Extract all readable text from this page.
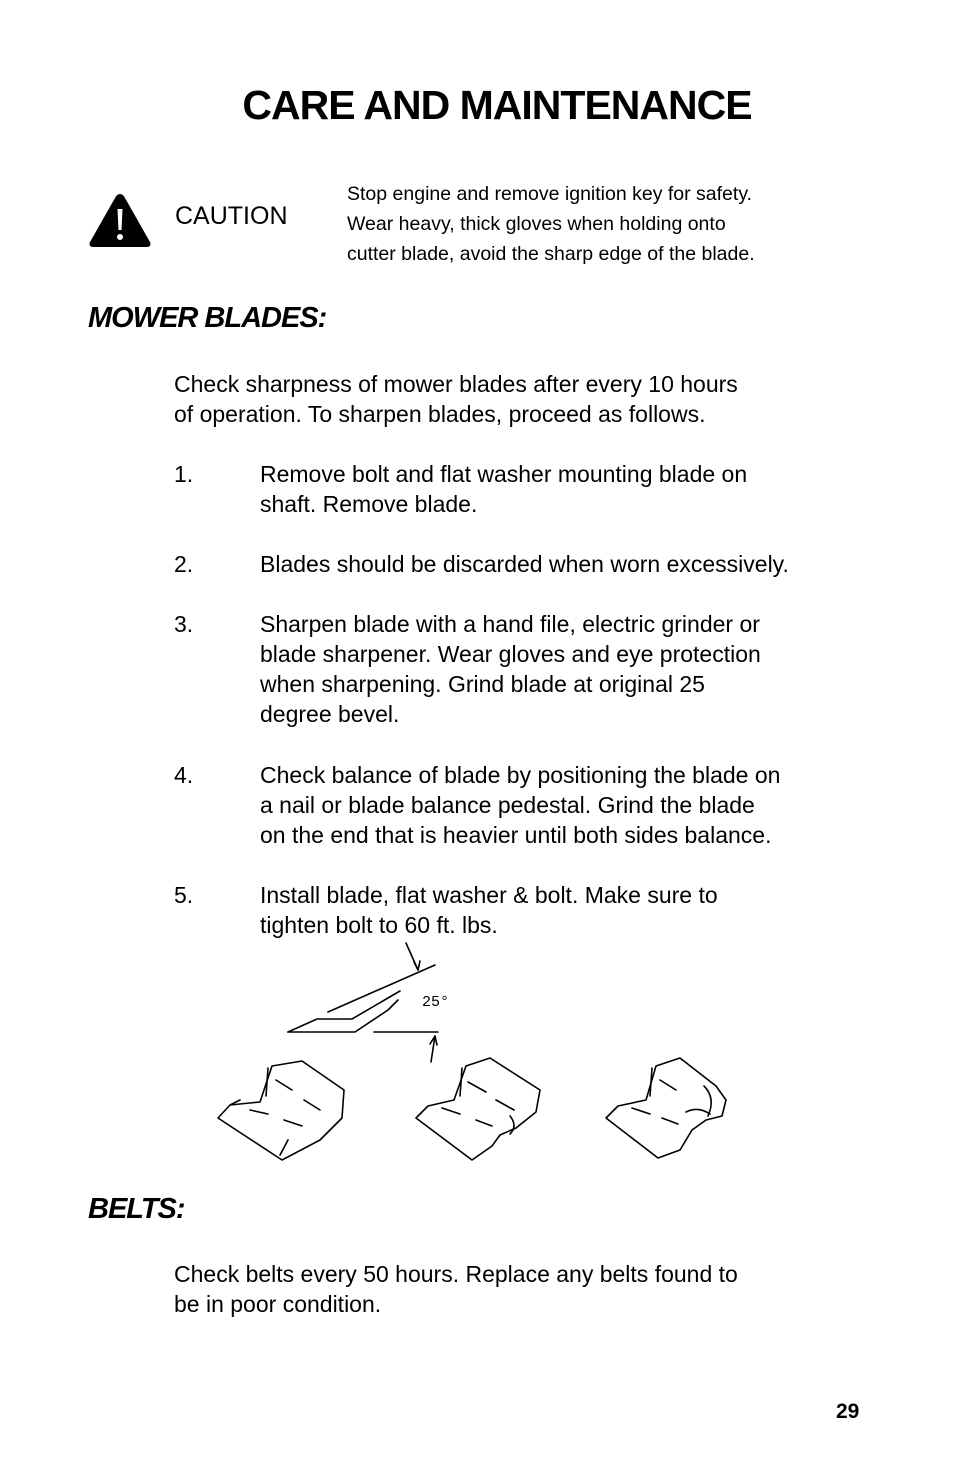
CARE AND MAINTENANCE
CAUTION
Stop engine and remove ignition key for safety.
Wear heavy, thick gloves when holding onto
cutter blade, avoid the sharp edge of the blade.
MOWER BLADES:
Check sharpness of mower blades after every 10 hours
of operation. To sharpen blades, proceed as follows.
1.	Remove bolt and flat washer mounting blade on
shaft. Remove blade.
2.	Blades should be discarded when worn excessively.
3.	Sharpen blade with a hand file, electric grinder or
blade sharpener. Wear gloves and eye protection
when sharpening. Grind blade at original 25
degree bevel.
4.	Check balance of blade by positioning the blade on
a nail or blade balance pedestal. Grind the blade
on the end that is heavier until both sides balance.
5.	Install blade, flat washer & bolt. Make sure to
tighten bolt to 60 ft. lbs.
25°
BELTS:
Check belts every 50 hours. Replace any belts found to
be in poor condition.
29
